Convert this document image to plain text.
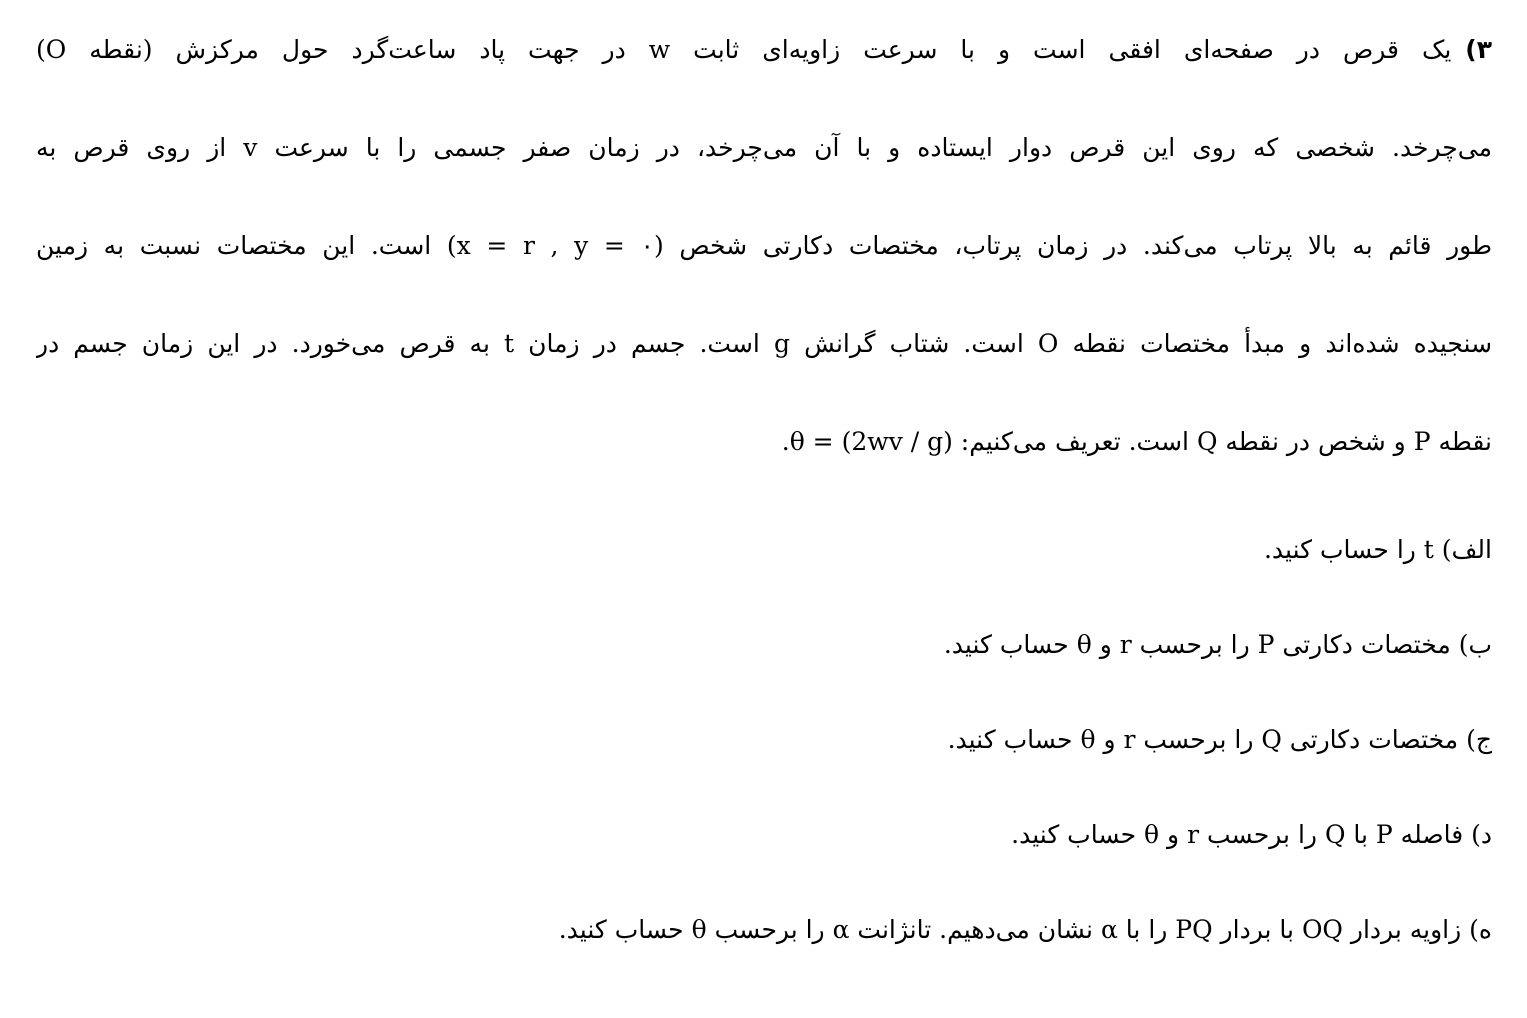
۳)یک قرص در صفحه‌ای افقی است و با سرعت زاویه‌ای ثابت w در جهت پاد ساعت‌گرد حول مرکزش (نقطه O)
می‌چرخد. شخصی که روی این قرص دوار ایستاده و با آن می‌چرخد، در زمان صفر جسمی را با سرعت v از روی قرص به
طور قائم به بالا پرتاب می‌کند. در زمان پرتاب، مختصات دکارتی شخص (x = r , y = ۰) است. این مختصات نسبت به زمین
سنجیده شده‌اند و مبدأ مختصات نقطه O است. شتاب گرانش g است. جسم در زمان t به قرص می‌خورد. در این زمان جسم در
نقطه P و شخص در نقطه Q است. تعریف می‌کنیم: θ = (2wv / g).
الف) t را حساب کنید.
ب) مختصات دکارتی P را برحسب r و θ حساب کنید.
ج) مختصات دکارتی Q را برحسب r و θ حساب کنید.
د) فاصله P با Q را برحسب r و θ حساب کنید.
ه) زاویه بردار OQ با بردار PQ را با α نشان می‌دهیم. تانژانت α را برحسب θ حساب کنید.
